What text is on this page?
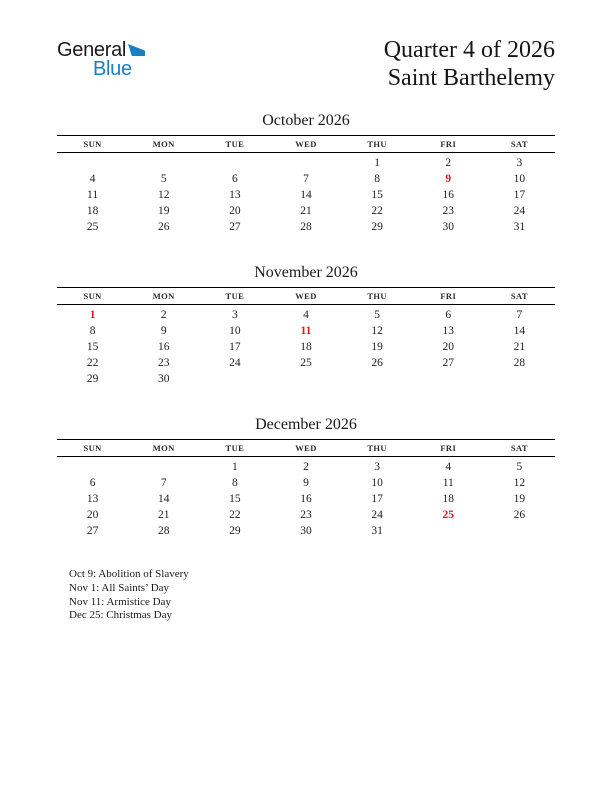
General
Blue
Quarter 4 of 2026
Saint Barthelemy
October 2026
SUN	MON	TUE	WED	THU	FRI	SAT
				1	2	3
4	5	6	7	8	9	10
11	12	13	14	15	16	17
18	19	20	21	22	23	24
25	26	27	28	29	30	31
November 2026
SUN	MON	TUE	WED	THU	FRI	SAT
1	2	3	4	5	6	7
8	9	10	11	12	13	14
15	16	17	18	19	20	21
22	23	24	25	26	27	28
29	30					
December 2026
SUN	MON	TUE	WED	THU	FRI	SAT
		1	2	3	4	5
6	7	8	9	10	11	12
13	14	15	16	17	18	19
20	21	22	23	24	25	26
27	28	29	30	31		
Oct 9: Abolition of Slavery
Nov 1: All Saints’ Day
Nov 11: Armistice Day
Dec 25: Christmas Day
